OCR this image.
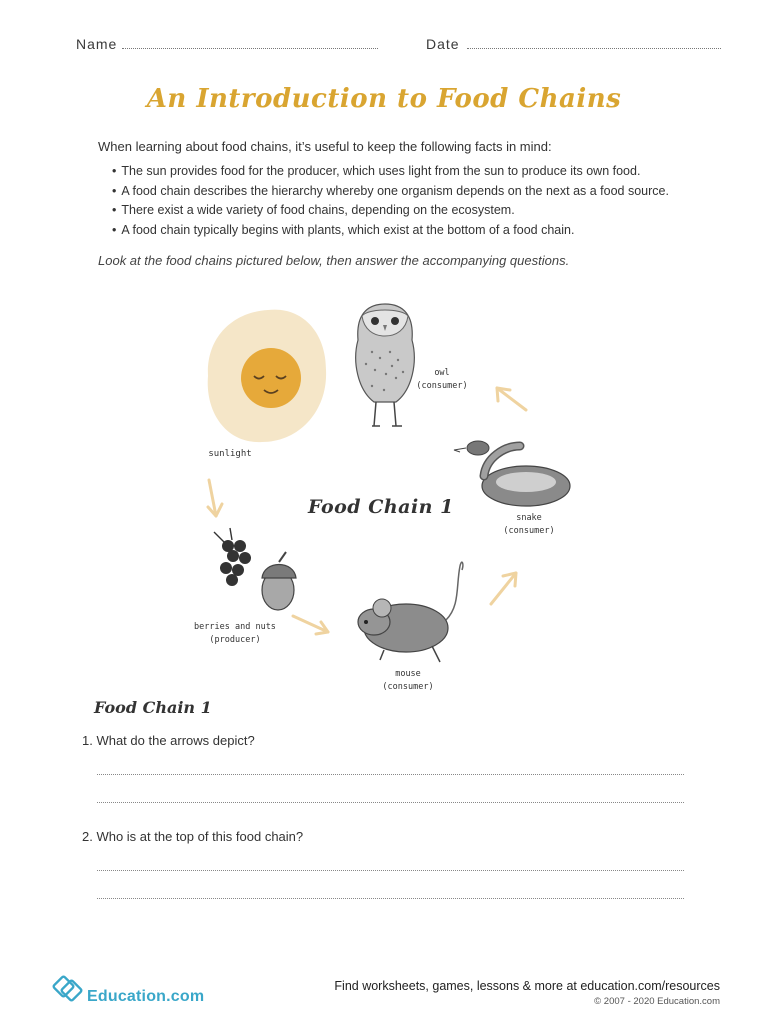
Name	Date
An Introduction to Food Chains
When learning about food chains, it’s useful to keep the following facts in mind:
• The sun provides food for the producer, which uses light from the sun to produce its own food.
• A food chain describes the hierarchy whereby one organism depends on the next as a food source.
• There exist a wide variety of food chains, depending on the ecosystem.
• A food chain typically begins with plants, which exist at the bottom of a food chain.
Look at the food chains pictured below, then answer the accompanying questions.
sunlight
owl
(consumer)
snake
(consumer)
mouse
(consumer)
berries and nuts
(producer)
Food Chain 1
Food Chain 1
1. What do the arrows depict?
2. Who is at the top of this food chain?
Education.com
Find worksheets, games, lessons & more at education.com/resources
© 2007 - 2020 Education.com
